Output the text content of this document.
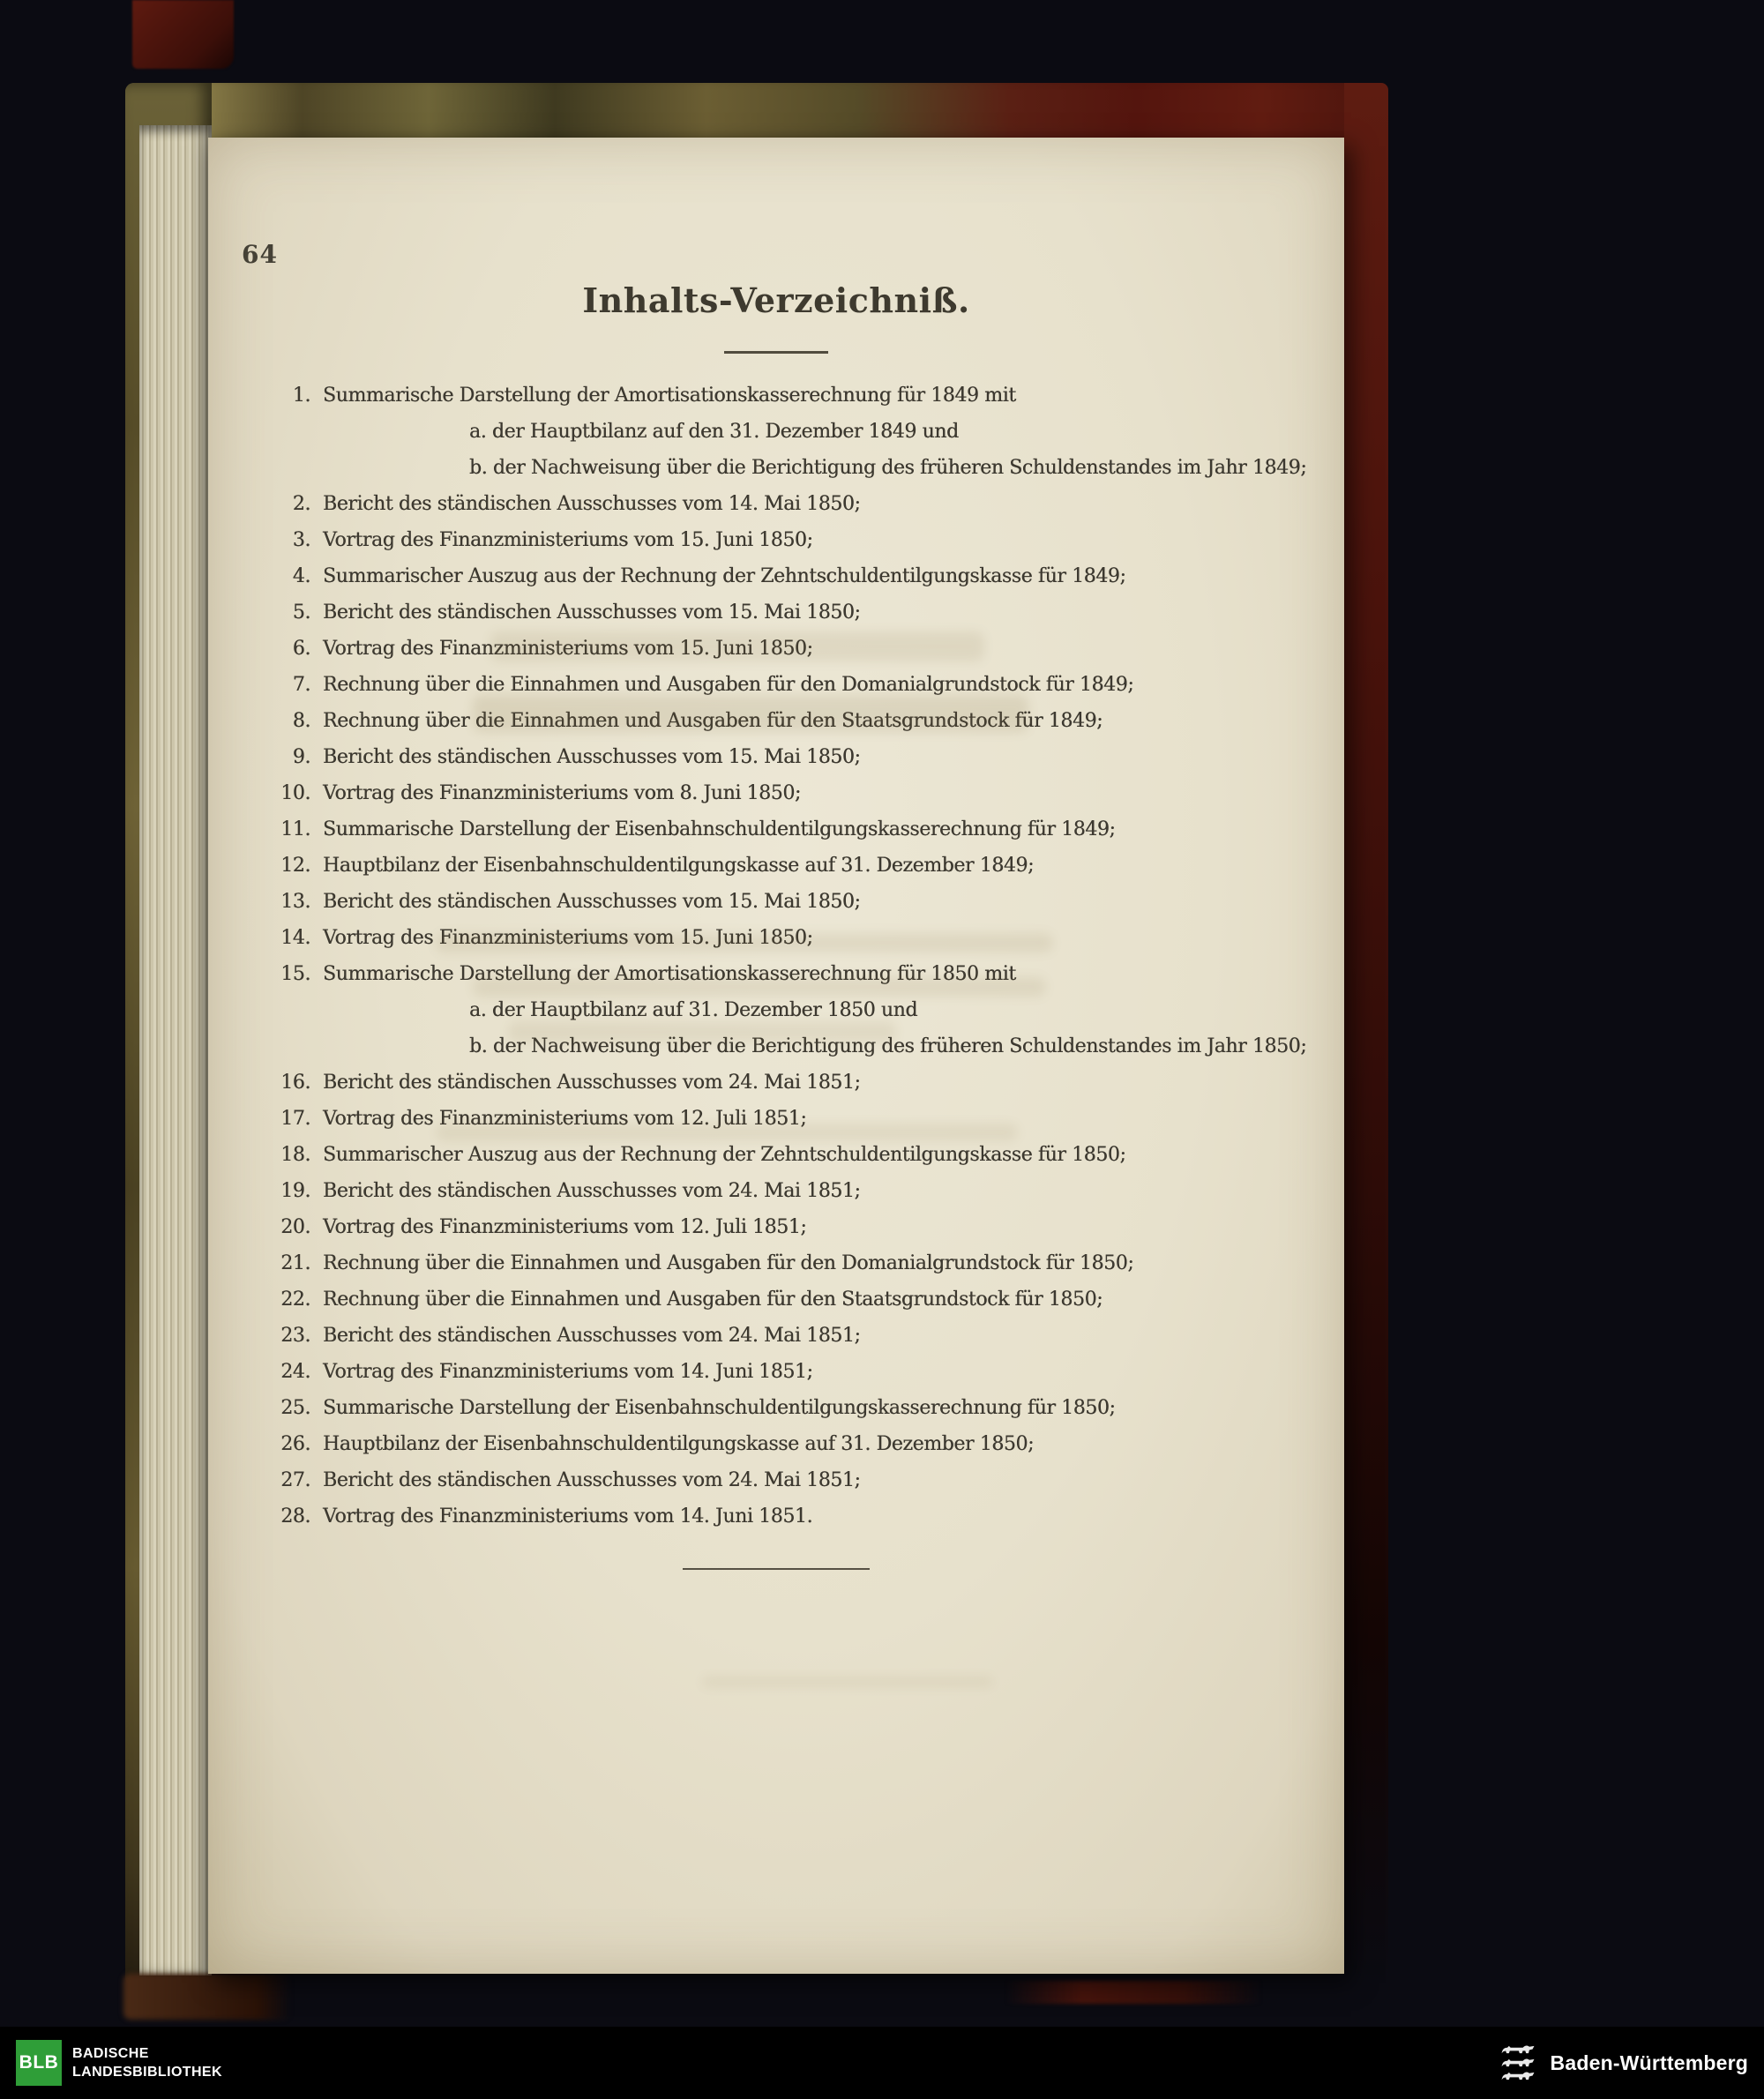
64
Inhalts-Verzeichniß.
1. Summarische Darstellung der Amortisationskasserechnung für 1849 mit
a. der Hauptbilanz auf den 31. Dezember 1849 und
b. der Nachweisung über die Berichtigung des früheren Schuldenstandes im Jahr 1849;
2. Bericht des ständischen Ausschusses vom 14. Mai 1850;
3. Vortrag des Finanzministeriums vom 15. Juni 1850;
4. Summarischer Auszug aus der Rechnung der Zehntschuldentilgungskasse für 1849;
5. Bericht des ständischen Ausschusses vom 15. Mai 1850;
6. Vortrag des Finanzministeriums vom 15. Juni 1850;
7. Rechnung über die Einnahmen und Ausgaben für den Domanialgrundstock für 1849;
8. Rechnung über die Einnahmen und Ausgaben für den Staatsgrundstock für 1849;
9. Bericht des ständischen Ausschusses vom 15. Mai 1850;
10. Vortrag des Finanzministeriums vom 8. Juni 1850;
11. Summarische Darstellung der Eisenbahnschuldentilgungskasserechnung für 1849;
12. Hauptbilanz der Eisenbahnschuldentilgungskasse auf 31. Dezember 1849;
13. Bericht des ständischen Ausschusses vom 15. Mai 1850;
14. Vortrag des Finanzministeriums vom 15. Juni 1850;
15. Summarische Darstellung der Amortisationskasserechnung für 1850 mit
a. der Hauptbilanz auf 31. Dezember 1850 und
b. der Nachweisung über die Berichtigung des früheren Schuldenstandes im Jahr 1850;
16. Bericht des ständischen Ausschusses vom 24. Mai 1851;
17. Vortrag des Finanzministeriums vom 12. Juli 1851;
18. Summarischer Auszug aus der Rechnung der Zehntschuldentilgungskasse für 1850;
19. Bericht des ständischen Ausschusses vom 24. Mai 1851;
20. Vortrag des Finanzministeriums vom 12. Juli 1851;
21. Rechnung über die Einnahmen und Ausgaben für den Domanialgrundstock für 1850;
22. Rechnung über die Einnahmen und Ausgaben für den Staatsgrundstock für 1850;
23. Bericht des ständischen Ausschusses vom 24. Mai 1851;
24. Vortrag des Finanzministeriums vom 14. Juni 1851;
25. Summarische Darstellung der Eisenbahnschuldentilgungskasserechnung für 1850;
26. Hauptbilanz der Eisenbahnschuldentilgungskasse auf 31. Dezember 1850;
27. Bericht des ständischen Ausschusses vom 24. Mai 1851;
28. Vortrag des Finanzministeriums vom 14. Juni 1851.
BLB BADISCHE
LANDESBIBLIOTHEK	Baden-Württemberg
